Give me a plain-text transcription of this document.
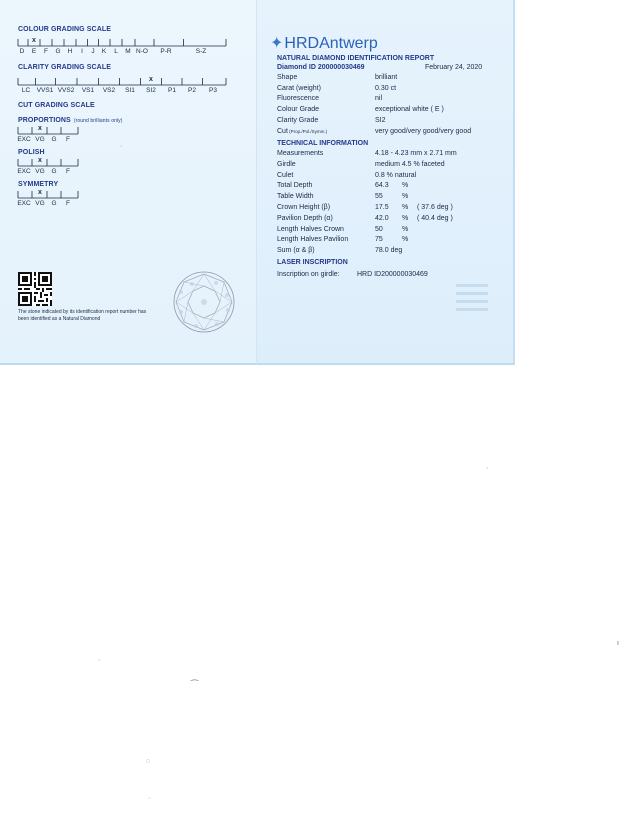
COLOUR GRADING SCALE
D E
x
F G H I J K L M N-O P-R	S-Z
CLARITY GRADING SCALE
LC VVS1 VVS2 VS1 VS2 SI1 SI2
x
P1 P2 P3
CUT GRADING SCALE
PROPORTIONS (round brilliants only)
EXC VG
x
G F
POLISH
EXC VG
x
G F
SYMMETRY
EXC VG
x
G F
The stone indicated by its identification report number has been identified as a Natural Diamond
✦HRDAntwerp
NATURAL DIAMOND IDENTIFICATION REPORT
Diamond ID 200000030469	February 24, 2020
Shape	brilliant
Carat (weight)	0.30 ct
Fluorescence	nil
Colour Grade	exceptional white ( E )
Clarity Grade	SI2
Cut (Prop./Pol./Symm.)	very good/very good/very good
TECHNICAL INFORMATION
Measurements	4.18 - 4.23 mm x 2.71 mm
Girdle	medium 4.5 % faceted
Culet	0.8 % natural
Total Depth	64.3 %
Table Width	55	%
Crown Height (β)	17.5 % ( 37.6 deg )
Pavilion Depth (α)	42.0 % ( 40.4 deg )
Length Halves Crown	50	%
Length Halves Pavilion	75	%
Sum (α & β)	78.0 deg
LASER INSCRIPTION
Inscription on girdle: HRD ID200000030469
·
·
·
⁀
◌
·
ı
